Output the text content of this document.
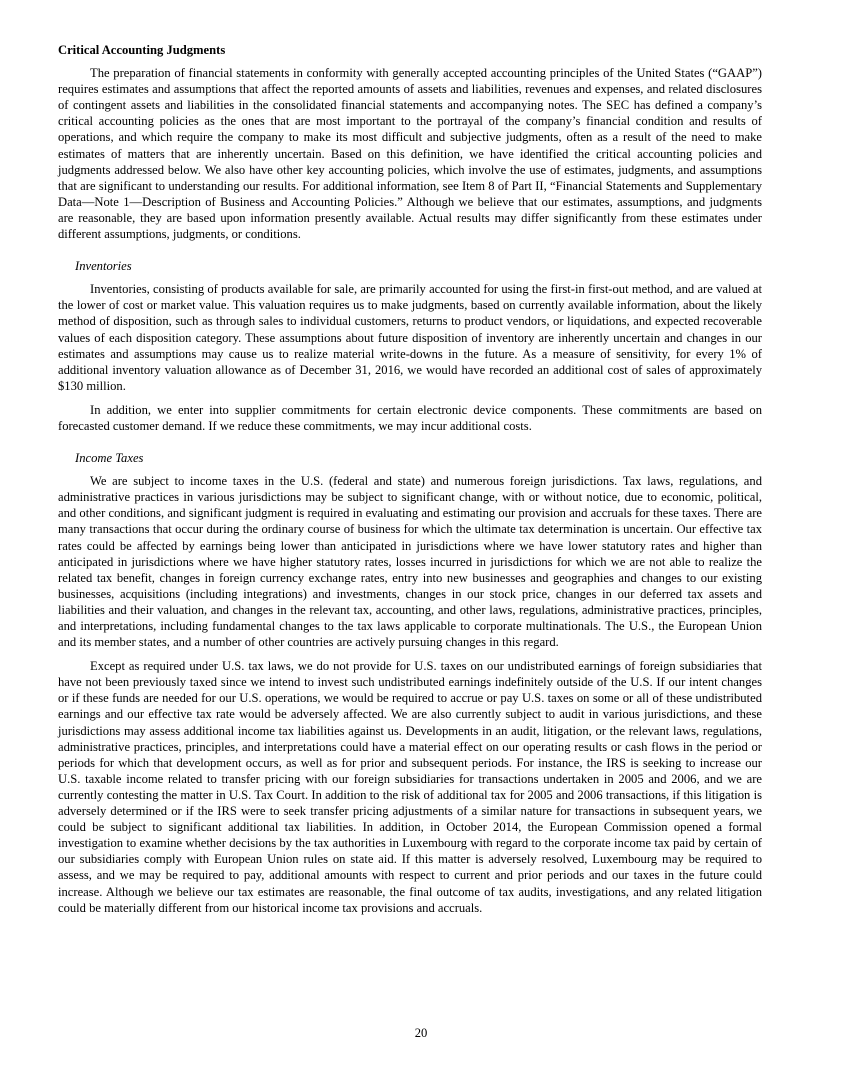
Critical Accounting Judgments

The preparation of financial statements in conformity with generally accepted accounting principles of the United States (“GAAP”) requires estimates and assumptions that affect the reported amounts of assets and liabilities, revenues and expenses, and related disclosures of contingent assets and liabilities in the consolidated financial statements and accompanying notes. The SEC has defined a company’s critical accounting policies as the ones that are most important to the portrayal of the company’s financial condition and results of operations, and which require the company to make its most difficult and subjective judgments, often as a result of the need to make estimates of matters that are inherently uncertain. Based on this definition, we have identified the critical accounting policies and judgments addressed below. We also have other key accounting policies, which involve the use of estimates, judgments, and assumptions that are significant to understanding our results. For additional information, see Item 8 of Part II, “Financial Statements and Supplementary Data—Note 1—Description of Business and Accounting Policies.” Although we believe that our estimates, assumptions, and judgments are reasonable, they are based upon information presently available. Actual results may differ significantly from these estimates under different assumptions, judgments, or conditions.

Inventories

Inventories, consisting of products available for sale, are primarily accounted for using the first-in first-out method, and are valued at the lower of cost or market value. This valuation requires us to make judgments, based on currently available information, about the likely method of disposition, such as through sales to individual customers, returns to product vendors, or liquidations, and expected recoverable values of each disposition category. These assumptions about future disposition of inventory are inherently uncertain and changes in our estimates and assumptions may cause us to realize material write-downs in the future. As a measure of sensitivity, for every 1% of additional inventory valuation allowance as of December 31, 2016, we would have recorded an additional cost of sales of approximately $130 million.

In addition, we enter into supplier commitments for certain electronic device components. These commitments are based on forecasted customer demand. If we reduce these commitments, we may incur additional costs.

Income Taxes

We are subject to income taxes in the U.S. (federal and state) and numerous foreign jurisdictions. Tax laws, regulations, and administrative practices in various jurisdictions may be subject to significant change, with or without notice, due to economic, political, and other conditions, and significant judgment is required in evaluating and estimating our provision and accruals for these taxes. There are many transactions that occur during the ordinary course of business for which the ultimate tax determination is uncertain. Our effective tax rates could be affected by earnings being lower than anticipated in jurisdictions where we have lower statutory rates and higher than anticipated in jurisdictions where we have higher statutory rates, losses incurred in jurisdictions for which we are not able to realize the related tax benefit, changes in foreign currency exchange rates, entry into new businesses and geographies and changes to our existing businesses, acquisitions (including integrations) and investments, changes in our stock price, changes in our deferred tax assets and liabilities and their valuation, and changes in the relevant tax, accounting, and other laws, regulations, administrative practices, principles, and interpretations, including fundamental changes to the tax laws applicable to corporate multinationals. The U.S., the European Union and its member states, and a number of other countries are actively pursuing changes in this regard.

Except as required under U.S. tax laws, we do not provide for U.S. taxes on our undistributed earnings of foreign subsidiaries that have not been previously taxed since we intend to invest such undistributed earnings indefinitely outside of the U.S. If our intent changes or if these funds are needed for our U.S. operations, we would be required to accrue or pay U.S. taxes on some or all of these undistributed earnings and our effective tax rate would be adversely affected. We are also currently subject to audit in various jurisdictions, and these jurisdictions may assess additional income tax liabilities against us. Developments in an audit, litigation, or the relevant laws, regulations, administrative practices, principles, and interpretations could have a material effect on our operating results or cash flows in the period or periods for which that development occurs, as well as for prior and subsequent periods. For instance, the IRS is seeking to increase our U.S. taxable income related to transfer pricing with our foreign subsidiaries for transactions undertaken in 2005 and 2006, and we are currently contesting the matter in U.S. Tax Court. In addition to the risk of additional tax for 2005 and 2006 transactions, if this litigation is adversely determined or if the IRS were to seek transfer pricing adjustments of a similar nature for transactions in subsequent years, we could be subject to significant additional tax liabilities. In addition, in October 2014, the European Commission opened a formal investigation to examine whether decisions by the tax authorities in Luxembourg with regard to the corporate income tax paid by certain of our subsidiaries comply with European Union rules on state aid. If this matter is adversely resolved, Luxembourg may be required to assess, and we may be required to pay, additional amounts with respect to current and prior periods and our taxes in the future could increase. Although we believe our tax estimates are reasonable, the final outcome of tax audits, investigations, and any related litigation could be materially different from our historical income tax provisions and accruals.

20
